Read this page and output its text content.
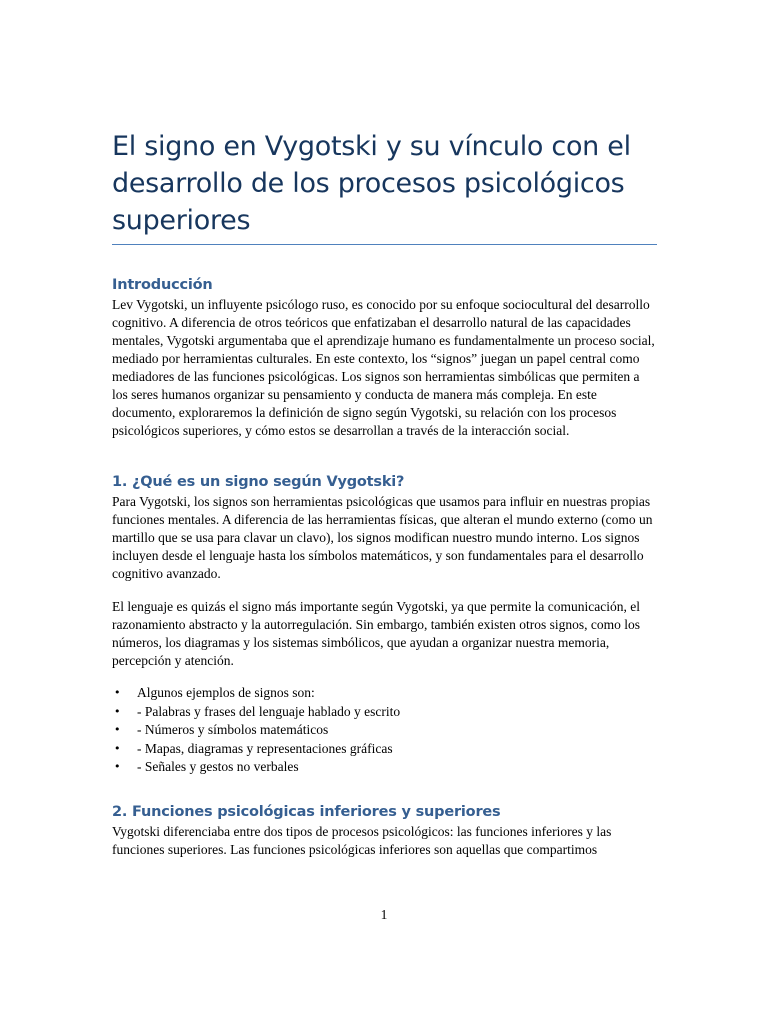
El signo en Vygotski y su vínculo con el desarrollo de los procesos psicológicos superiores
Introducción

Lev Vygotski, un influyente psicólogo ruso, es conocido por su enfoque sociocultural del desarrollo cognitivo. A diferencia de otros teóricos que enfatizaban el desarrollo natural de las capacidades mentales, Vygotski argumentaba que el aprendizaje humano es fundamentalmente un proceso social, mediado por herramientas culturales. En este contexto, los “signos” juegan un papel central como mediadores de las funciones psicológicas. Los signos son herramientas simbólicas que permiten a los seres humanos organizar su pensamiento y conducta de manera más compleja. En este documento, exploraremos la definición de signo según Vygotski, su relación con los procesos psicológicos superiores, y cómo estos se desarrollan a través de la interacción social.

1. ¿Qué es un signo según Vygotski?

Para Vygotski, los signos son herramientas psicológicas que usamos para influir en nuestras propias funciones mentales. A diferencia de las herramientas físicas, que alteran el mundo externo (como un martillo que se usa para clavar un clavo), los signos modifican nuestro mundo interno. Los signos incluyen desde el lenguaje hasta los símbolos matemáticos, y son fundamentales para el desarrollo cognitivo avanzado.

El lenguaje es quizás el signo más importante según Vygotski, ya que permite la comunicación, el razonamiento abstracto y la autorregulación. Sin embargo, también existen otros signos, como los números, los diagramas y los sistemas simbólicos, que ayudan a organizar nuestra memoria, percepción y atención.

• Algunos ejemplos de signos son:
• - Palabras y frases del lenguaje hablado y escrito
• - Números y símbolos matemáticos
• - Mapas, diagramas y representaciones gráficas
• - Señales y gestos no verbales
2. Funciones psicológicas inferiores y superiores

Vygotski diferenciaba entre dos tipos de procesos psicológicos: las funciones inferiores y las funciones superiores. Las funciones psicológicas inferiores son aquellas que compartimos

1
